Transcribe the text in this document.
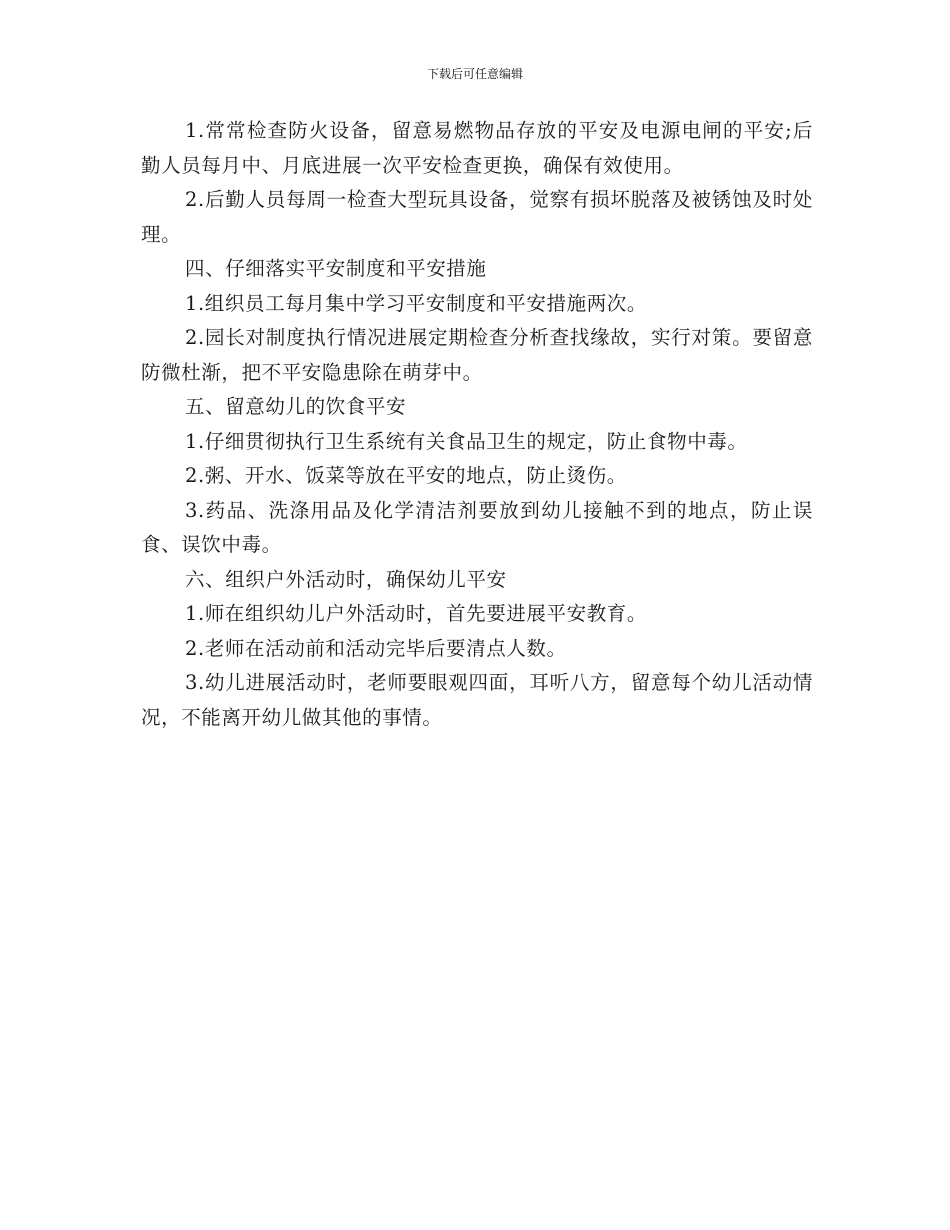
下载后可任意编辑

1.常常检查防火设备，留意易燃物品存放的平安及电源电闸的平安;后勤人员每月中、月底进展一次平安检查更换，确保有效使用。

2.后勤人员每周一检查大型玩具设备，觉察有损坏脱落及被锈蚀及时处理。

四、仔细落实平安制度和平安措施

1.组织员工每月集中学习平安制度和平安措施两次。

2.园长对制度执行情况进展定期检查分析查找缘故，实行对策。要留意防微杜渐，把不平安隐患除在萌芽中。

五、留意幼儿的饮食平安

1.仔细贯彻执行卫生系统有关食品卫生的规定，防止食物中毒。

2.粥、开水、饭菜等放在平安的地点，防止烫伤。

3.药品、洗涤用品及化学清洁剂要放到幼儿接触不到的地点，防止误食、误饮中毒。

六、组织户外活动时，确保幼儿平安

1.师在组织幼儿户外活动时，首先要进展平安教育。

2.老师在活动前和活动完毕后要清点人数。

3.幼儿进展活动时，老师要眼观四面，耳听八方，留意每个幼儿活动情况，不能离开幼儿做其他的事情。
